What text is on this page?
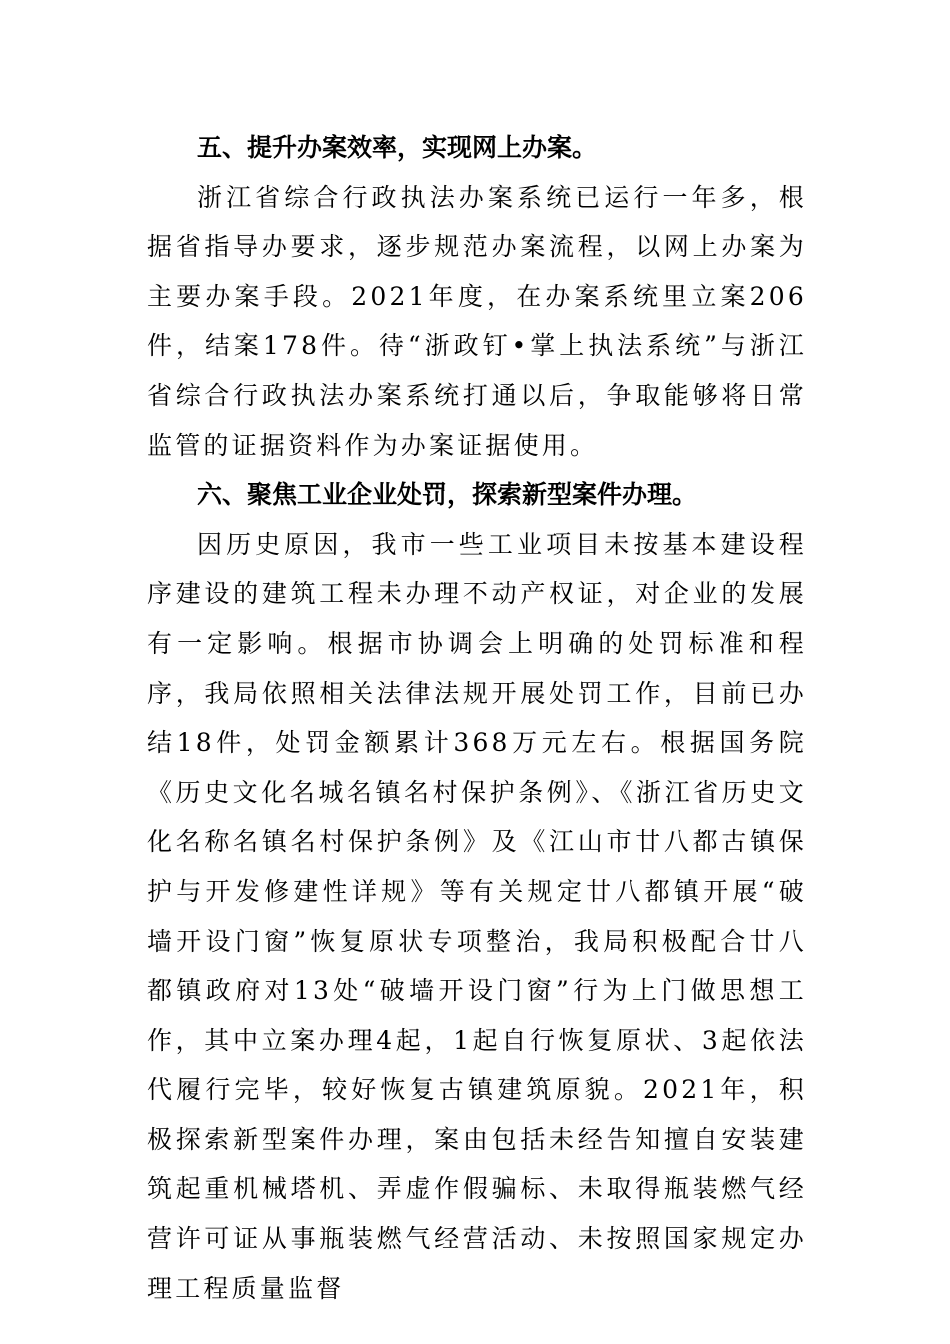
五、提升办案效率，实现网上办案。

浙江省综合行政执法办案系统已运行一年多，根据省指导办要求，逐步规范办案流程，以网上办案为主要办案手段。2021年度，在办案系统里立案206件，结案178件。待“浙政钉•掌上执法系统”与浙江省综合行政执法办案系统打通以后，争取能够将日常监管的证据资料作为办案证据使用。

六、聚焦工业企业处罚，探索新型案件办理。

因历史原因，我市一些工业项目未按基本建设程序建设的建筑工程未办理不动产权证，对企业的发展有一定影响。根据市协调会上明确的处罚标准和程序，我局依照相关法律法规开展处罚工作，目前已办结18件，处罚金额累计368万元左右。根据国务院《历史文化名城名镇名村保护条例》、《浙江省历史文化名称名镇名村保护条例》及《江山市廿八都古镇保护与开发修建性详规》等有关规定廿八都镇开展“破墙开设门窗”恢复原状专项整治，我局积极配合廿八都镇政府对13处“破墙开设门窗”行为上门做思想工作，其中立案办理4起，1起自行恢复原状、3起依法代履行完毕，较好恢复古镇建筑原貌。2021年，积极探索新型案件办理，案由包括未经告知擅自安装建筑起重机械塔机、弄虚作假骗标、未取得瓶装燃气经营许可证从事瓶装燃气经营活动、未按照国家规定办理工程质量监督
